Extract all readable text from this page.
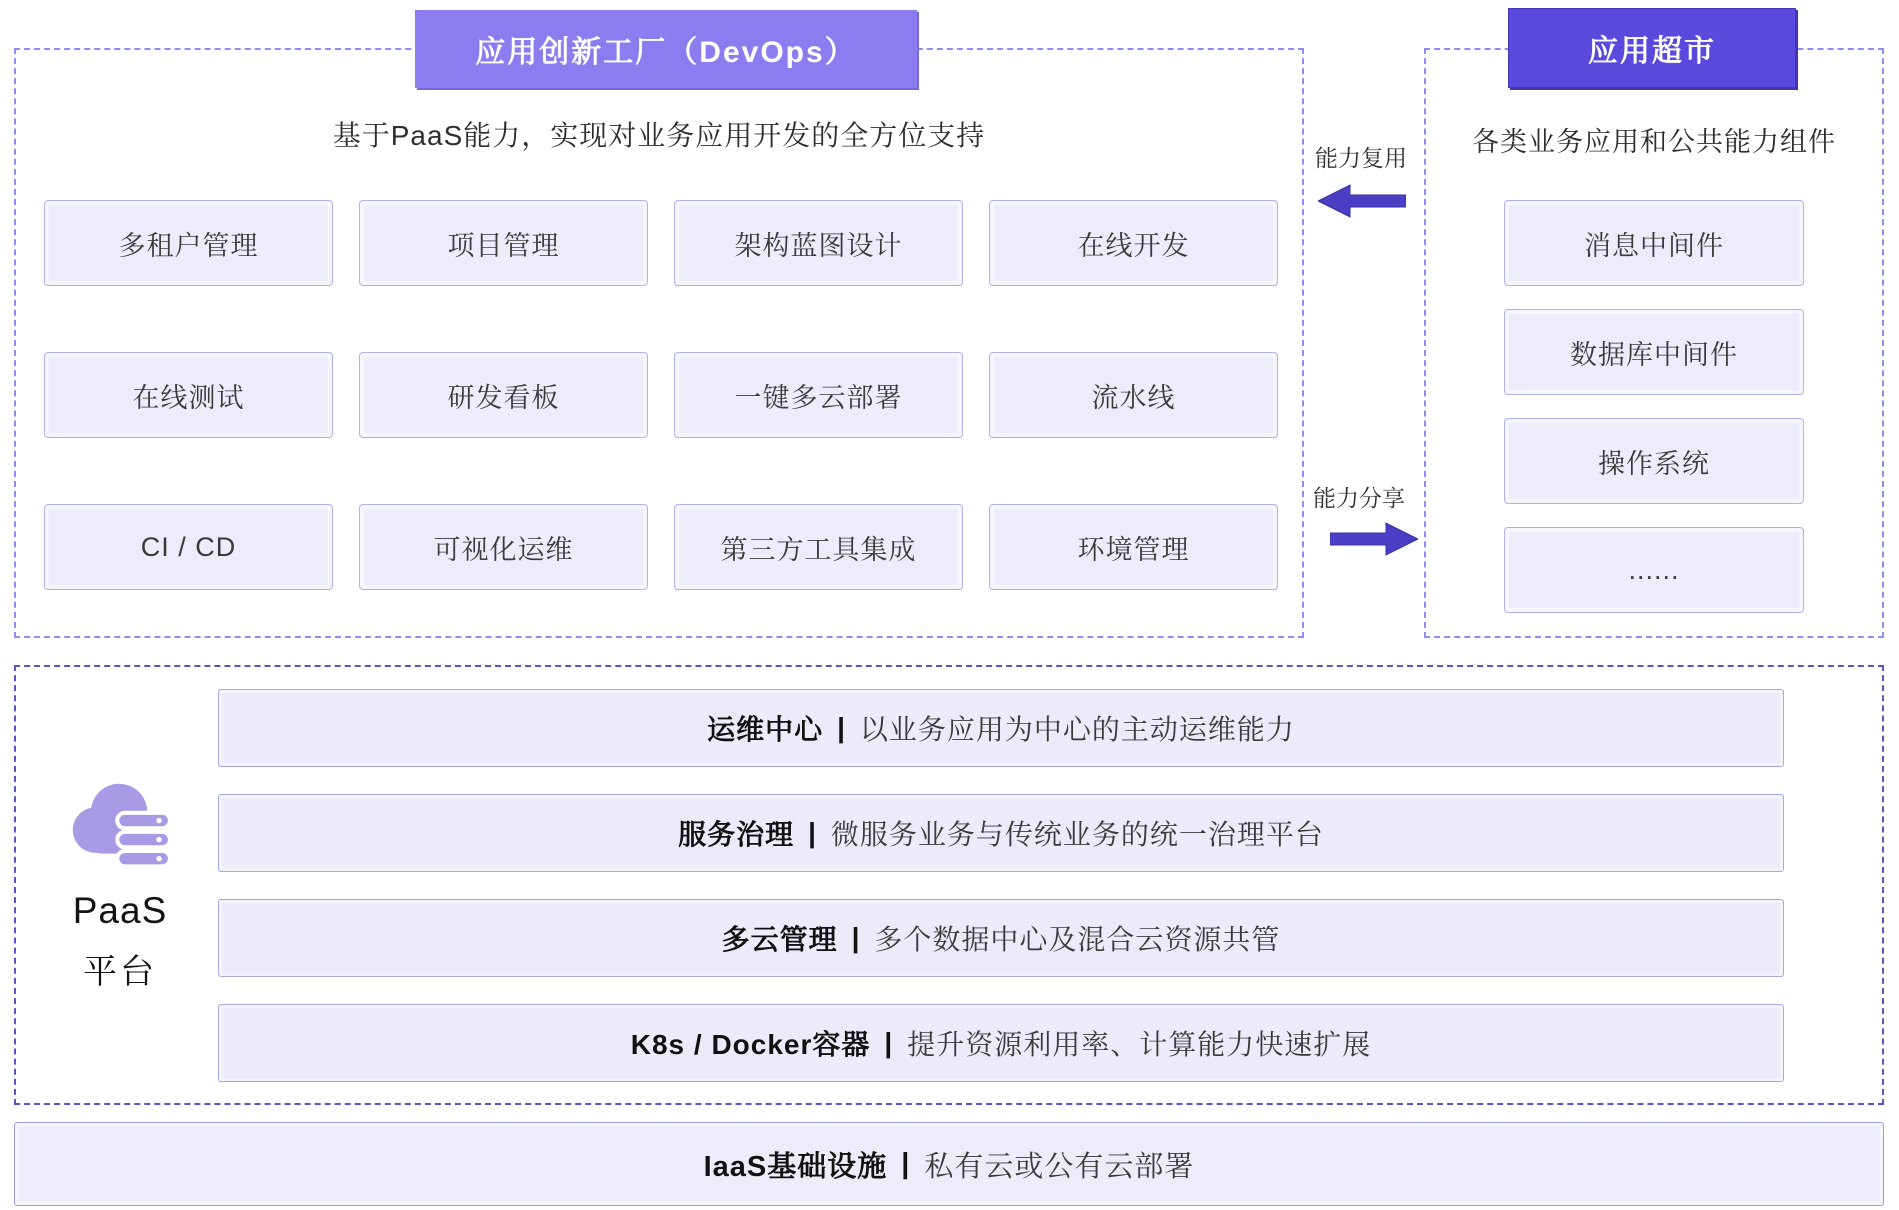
应用创新工厂（DevOps）
基于PaaS能力，实现对业务应用开发的全方位支持
多租户管理	项目管理	架构蓝图设计	在线开发
在线测试	研发看板	一键多云部署	流水线
CI / CD	可视化运维	第三方工具集成	环境管理
能力复用
能力分享
应用超市
各类业务应用和公共能力组件
消息中间件
数据库中间件
操作系统
......
PaaS
平台
运维中心 | 以业务应用为中心的主动运维能力
服务治理 | 微服务业务与传统业务的统一治理平台
多云管理 | 多个数据中心及混合云资源共管
K8s / Docker容器 | 提升资源利用率、计算能力快速扩展
IaaS基础设施 | 私有云或公有云部署
